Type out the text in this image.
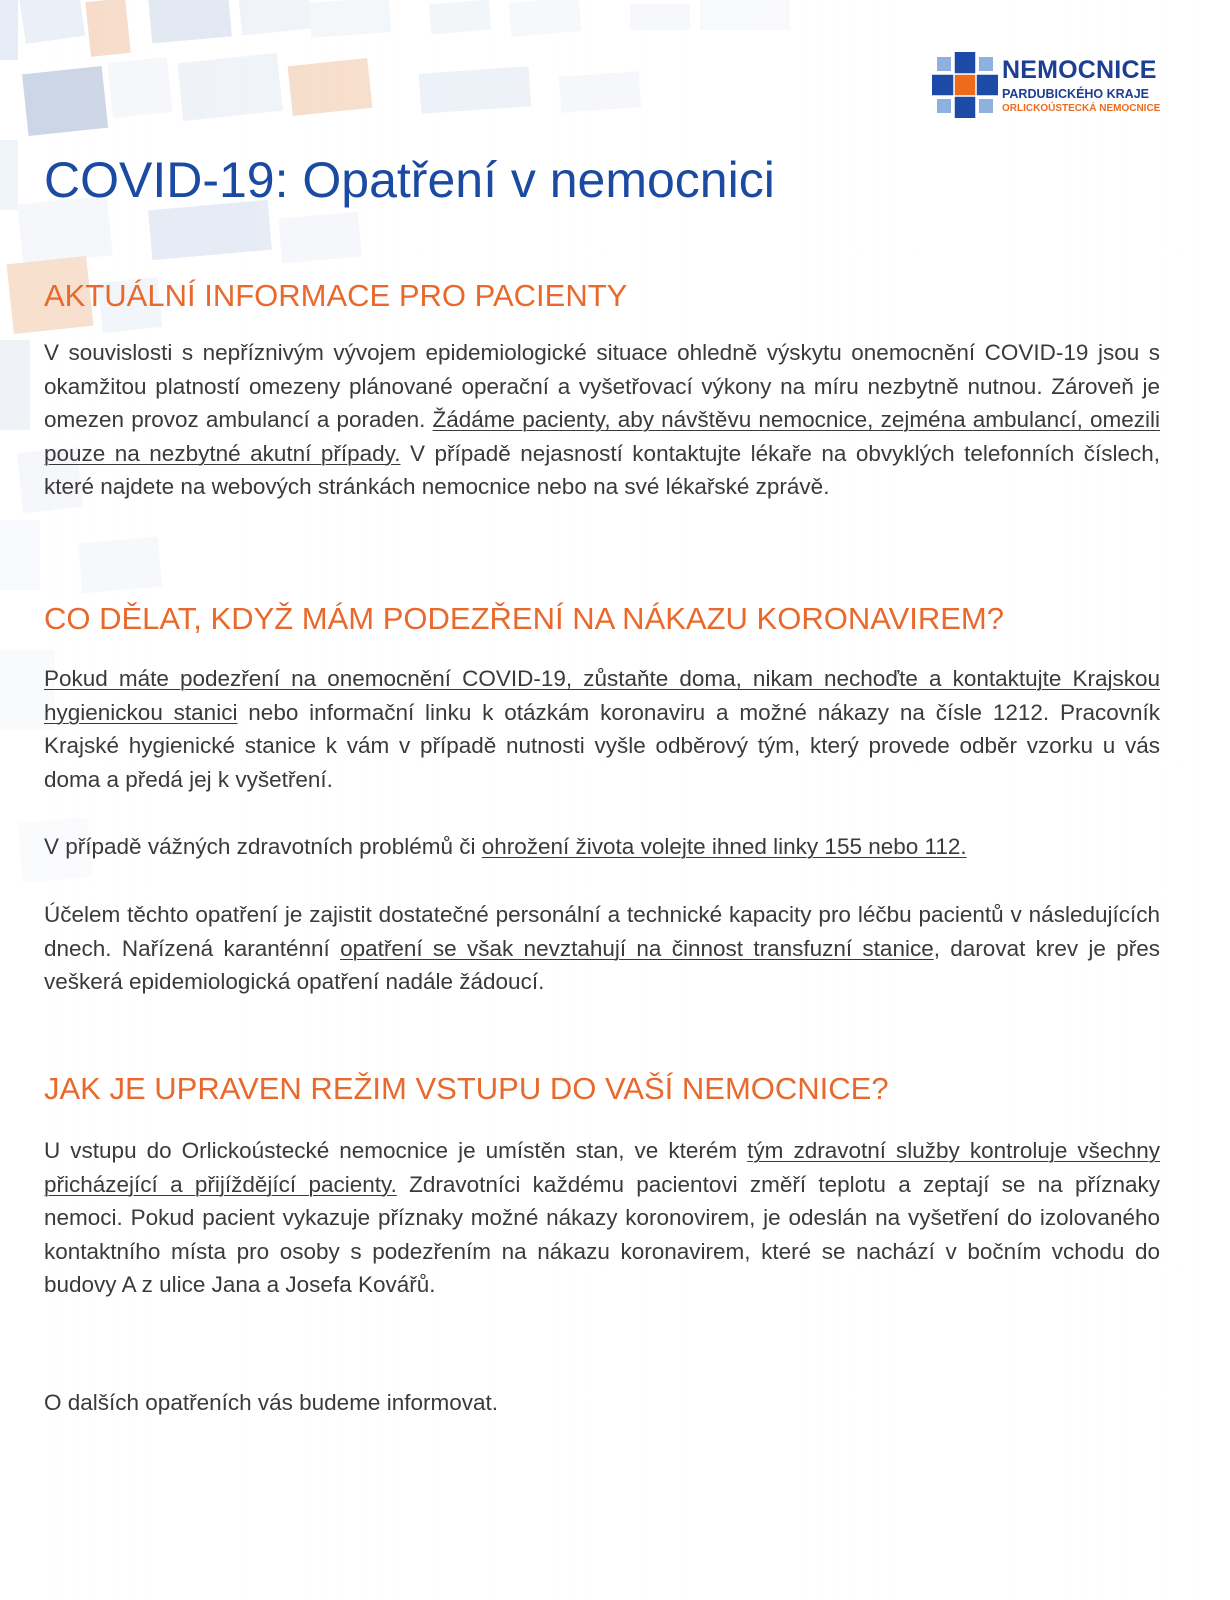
NEMOCNICE
PARDUBICKÉHO KRAJE
ORLICKOÚSTECKÁ NEMOCNICE
COVID-19: Opatření v nemocnici
AKTUÁLNÍ INFORMACE PRO PACIENTY

V souvislosti s nepříznivým vývojem epidemiologické situace ohledně výskytu onemocnění COVID-19 jsou s okamžitou platností omezeny plánované operační a vyšetřovací výkony na míru nezbytně nutnou. Zároveň je omezen provoz ambulancí a poraden. Žádáme pacienty, aby návštěvu nemocnice, zejména ambulancí, omezili pouze na nezbytné akutní případy. V případě nejasností kontaktujte lékaře na obvyklých telefonních číslech, které najdete na webových stránkách nemocnice nebo na své lékařské zprávě.

CO DĚLAT, KDYŽ MÁM PODEZŘENÍ NA NÁKAZU KORONAVIREM?

Pokud máte podezření na onemocnění COVID-19, zůstaňte doma, nikam nechoďte a kontaktujte Krajskou hygienickou stanici nebo informační linku k otázkám koronaviru a možné nákazy na čísle 1212. Pracovník Krajské hygienické stanice k vám v případě nutnosti vyšle odběrový tým, který provede odběr vzorku u vás doma a předá jej k vyšetření.

V případě vážných zdravotních problémů či ohrožení života volejte ihned linky 155 nebo 112.

Účelem těchto opatření je zajistit dostatečné personální a technické kapacity pro léčbu pacientů v následujících dnech. Nařízená karanténní opatření se však nevztahují na činnost transfuzní stanice, darovat krev je přes veškerá epidemiologická opatření nadále žádoucí.

JAK JE UPRAVEN REŽIM VSTUPU DO VAŠÍ NEMOCNICE?

U vstupu do Orlickoústecké nemocnice je umístěn stan, ve kterém tým zdravotní služby kontroluje všechny přicházející a přijíždějící pacienty. Zdravotníci každému pacientovi změří teplotu a zeptají se na příznaky nemoci. Pokud pacient vykazuje příznaky možné nákazy koronovirem, je odeslán na vyšetření do izolovaného kontaktního místa pro osoby s podezřením na nákazu koronavirem, které se nachází v bočním vchodu do budovy A z ulice Jana a Josefa Kovářů.

O dalších opatřeních vás budeme informovat.
